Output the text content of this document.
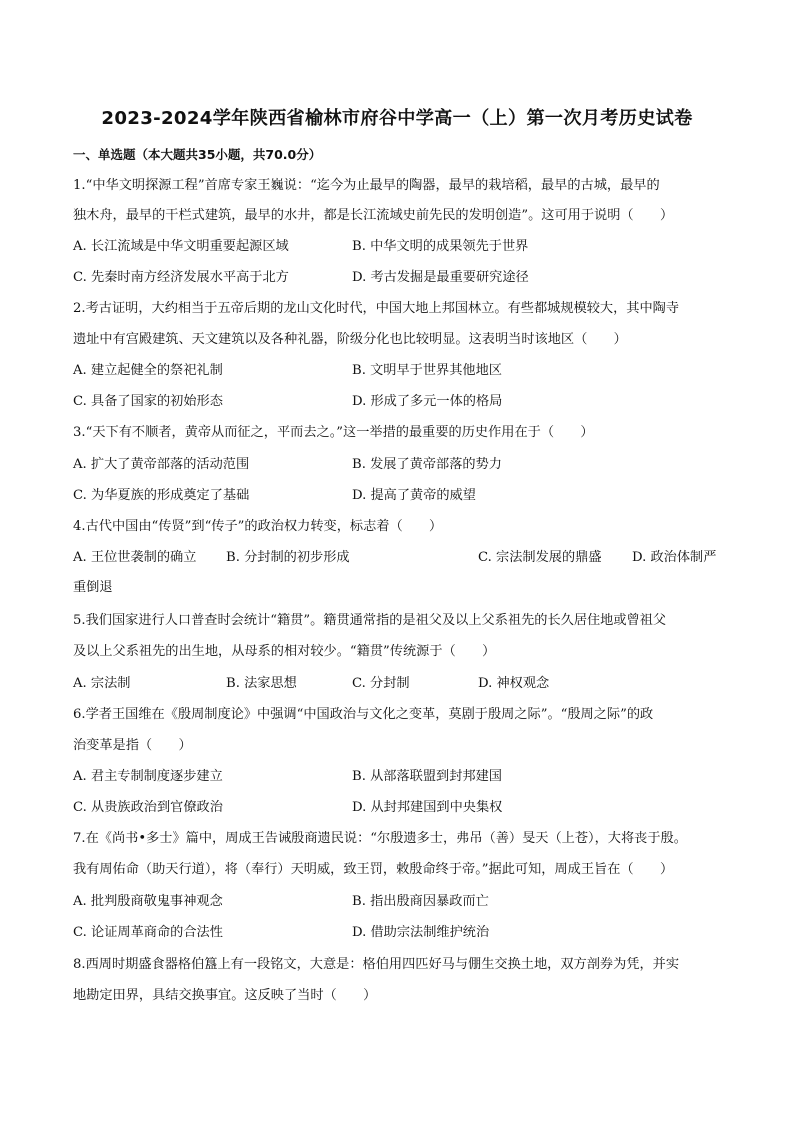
2023-2024学年陕西省榆林市府谷中学高一（上）第一次月考历史试卷
一、单选题（本大题共35小题，共70.0分）
1.“中华文明探源工程”首席专家王巍说：“迄今为止最早的陶器，最早的栽培稻，最早的古城，最早的
独木舟，最早的干栏式建筑，最早的水井，都是长江流域史前先民的发明创造”。这可用于说明（　　）
A. 长江流域是中华文明重要起源区域	B. 中华文明的成果领先于世界
C. 先秦时南方经济发展水平高于北方	D. 考古发掘是最重要研究途径
2.考古证明，大约相当于五帝后期的龙山文化时代，中国大地上邦国林立。有些都城规模较大，其中陶寺
遗址中有宫殿建筑、天文建筑以及各种礼器，阶级分化也比较明显。这表明当时该地区（　　）
A. 建立起健全的祭祀礼制	B. 文明早于世界其他地区
C. 具备了国家的初始形态	D. 形成了多元一体的格局
3.“天下有不顺者，黄帝从而征之，平而去之。”这一举措的最重要的历史作用在于（　　）
A. 扩大了黄帝部落的活动范围	B. 发展了黄帝部落的势力
C. 为华夏族的形成奠定了基础	D. 提高了黄帝的威望
4.古代中国由“传贤”到“传子”的政治权力转变，标志着（　　）
A. 王位世袭制的确立 B. 分封制的初步形成	C. 宗法制发展的鼎盛 D. 政治体制严
重倒退
5.我们国家进行人口普查时会统计“籍贯”。籍贯通常指的是祖父及以上父系祖先的长久居住地或曾祖父
及以上父系祖先的出生地，从母系的相对较少。“籍贯”传统源于（　　）
A. 宗法制	B. 法家思想	C. 分封制	D. 神权观念
6.学者王国维在《殷周制度论》中强调“中国政治与文化之变革，莫剧于殷周之际”。“殷周之际”的政
治变革是指（　　）
A. 君主专制制度逐步建立	B. 从部落联盟到封邦建国
C. 从贵族政治到官僚政治	D. 从封邦建国到中央集权
7.在《尚书•多士》篇中，周成王告诫殷商遗民说：“尔殷遗多士，弗吊（善）旻天（上苍），大将丧于殷。
我有周佑命（助天行道），将（奉行）天明威，致王罚，敕殷命终于帝。”据此可知，周成王旨在（　　）
A. 批判殷商敬鬼事神观念	B. 指出殷商因暴政而亡
C. 论证周革商命的合法性	D. 借助宗法制维护统治
8.西周时期盛食器格伯簋上有一段铭文，大意是：格伯用四匹好马与倗生交换土地，双方剖券为凭，并实
地勘定田界，具结交换事宜。这反映了当时（　　）
